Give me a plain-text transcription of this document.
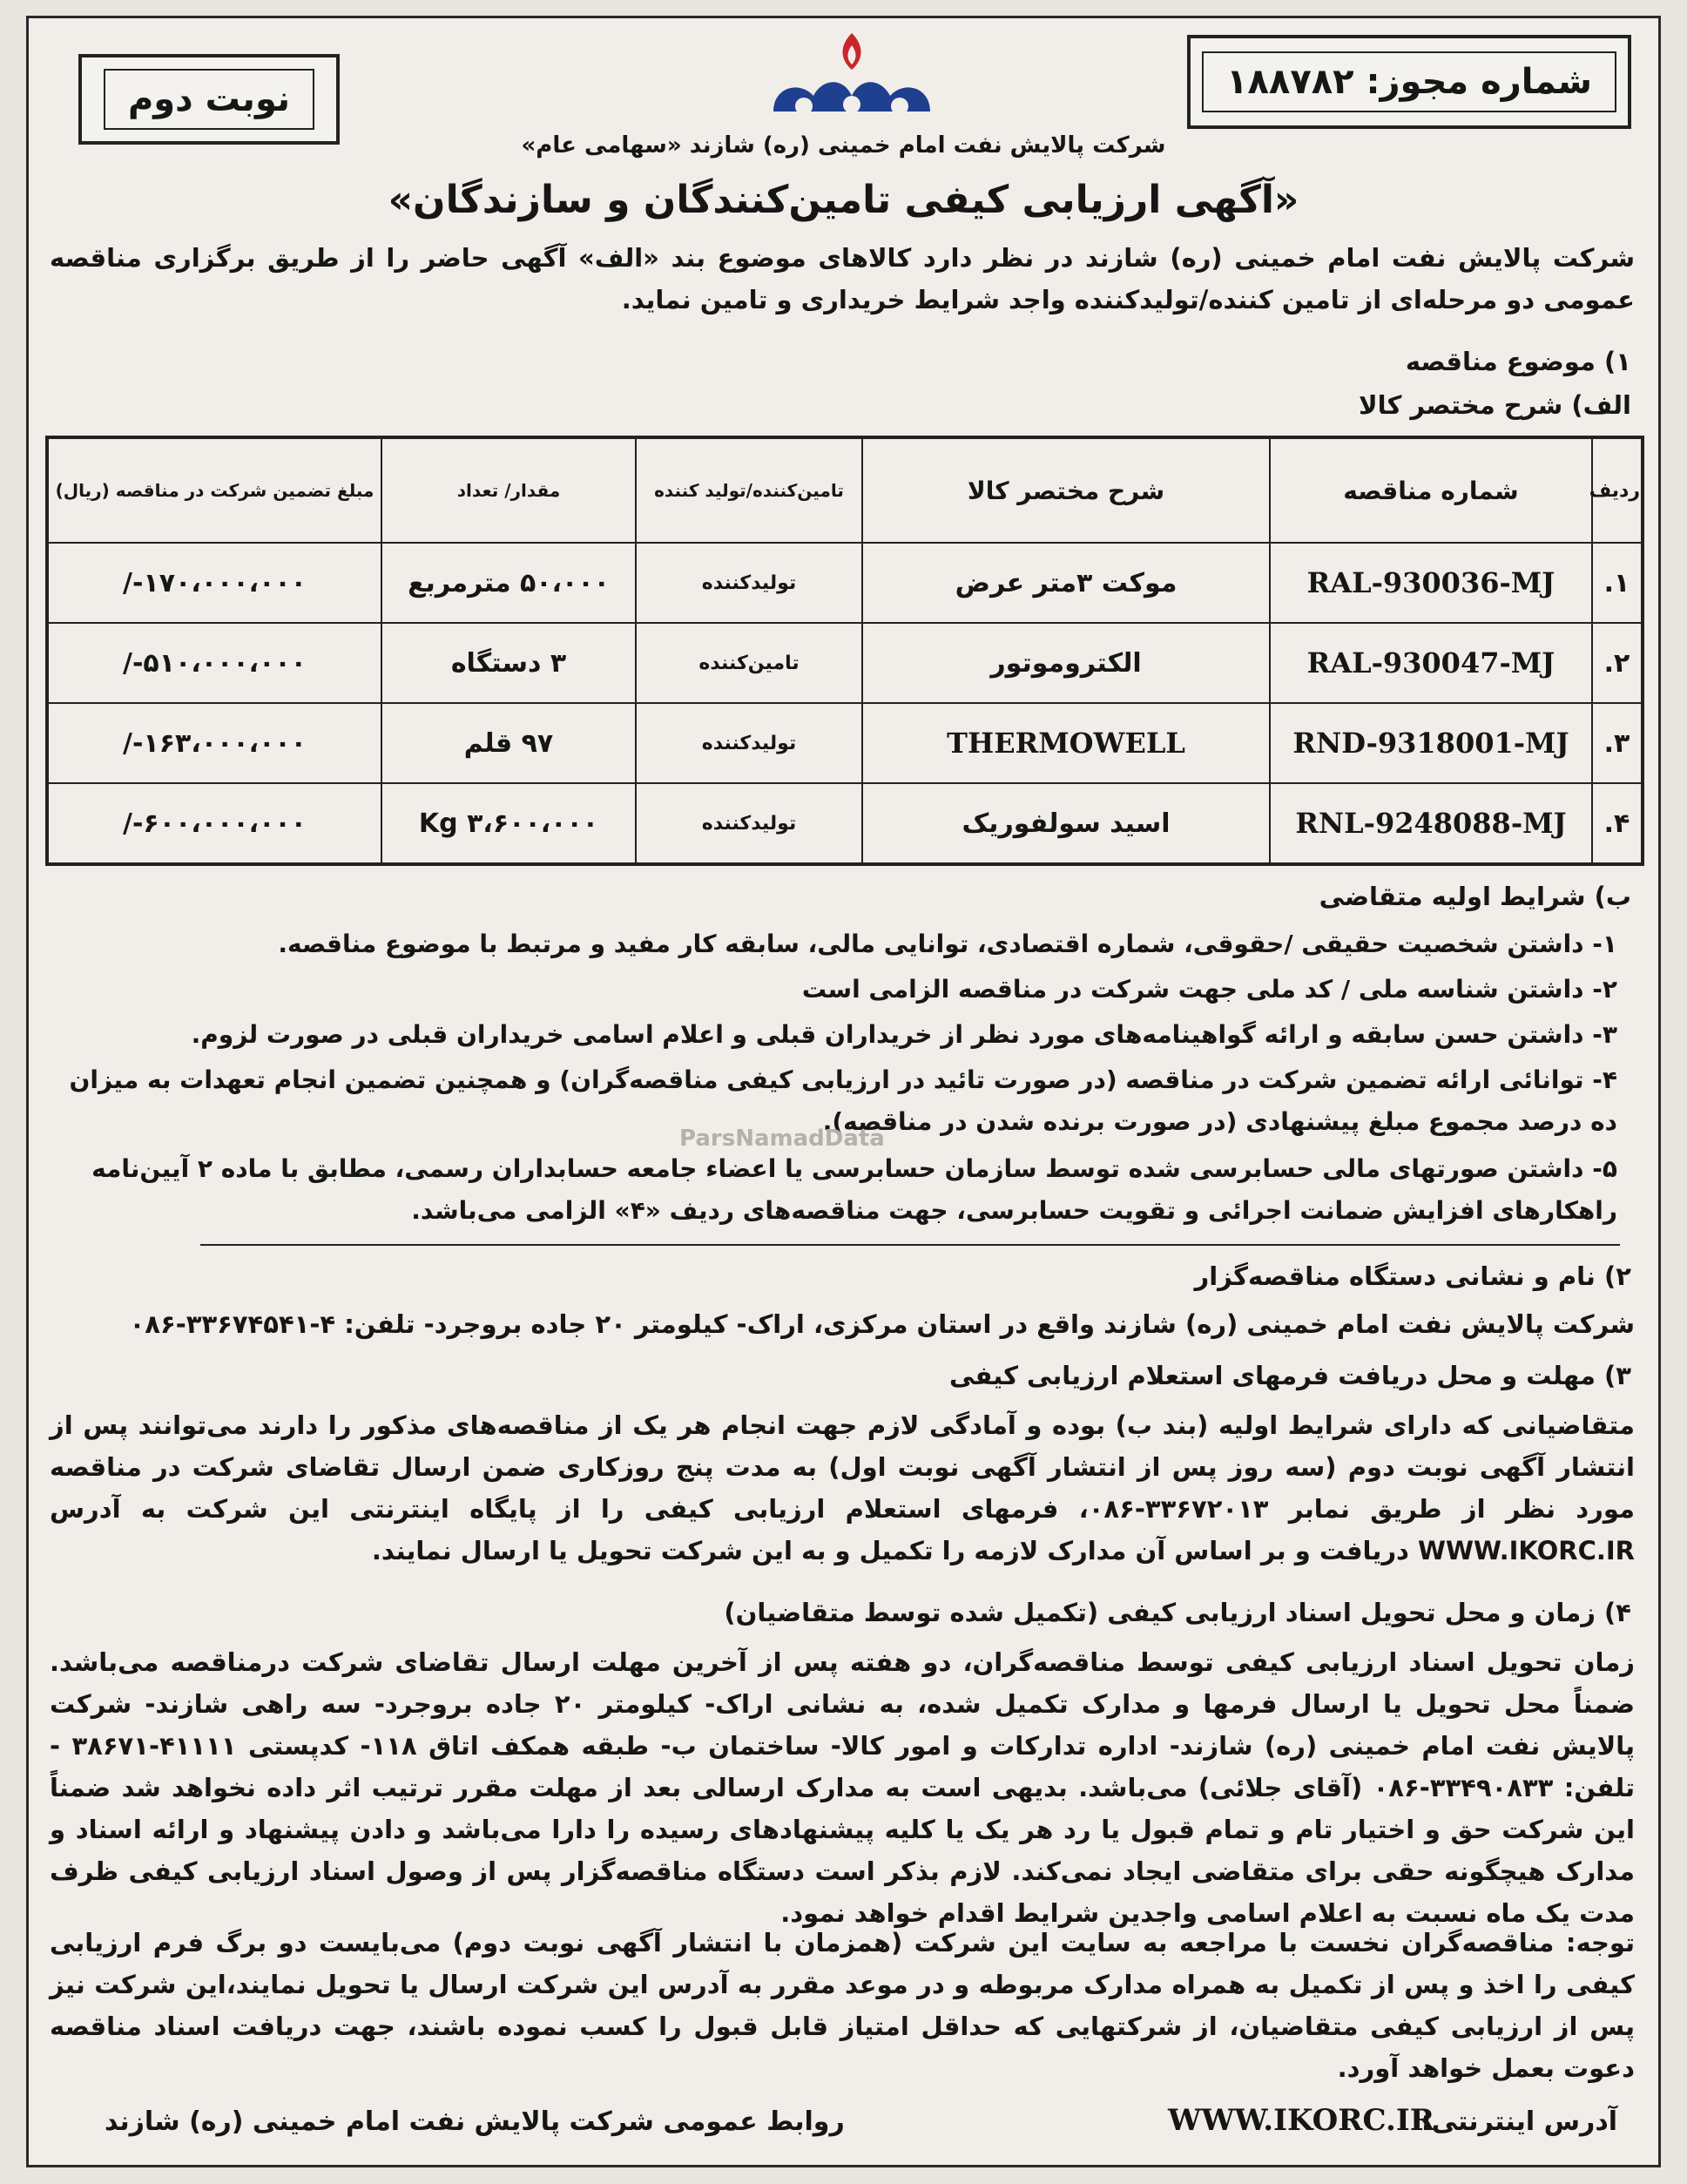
شماره مجوز: ۱۸۸۷۸۲
نوبت دوم
شرکت پالایش نفت امام خمینی (ره) شازند «سهامی عام»
«آگهی ارزیابی کیفی تامین‌کنندگان و سازندگان»
شرکت پالایش نفت امام خمینی (ره) شازند در نظر دارد کالاهای موضوع بند «الف» آگهی حاضر را از طریق برگزاری مناقصه عمومی دو مرحله‌ای از تامین کننده/تولیدکننده واجد شرایط خریداری و تامین نماید.
۱) موضوع مناقصه
الف) شرح مختصر کالا
ردیف	شماره مناقصه	شرح مختصر کالا	تامین‌کننده/تولید کننده	مقدار/ تعداد	مبلغ تضمین شرکت در مناقصه (ریال)
۱.	RAL-930036-MJ	موکت ۳متر عرض	تولیدکننده	۵۰،۰۰۰ مترمربع	۱۷۰،۰۰۰،۰۰۰-/
۲.	RAL-930047-MJ	الکتروموتور	تامین‌کننده	۳ دستگاه	۵۱۰،۰۰۰،۰۰۰-/
۳.	RND-9318001-MJ	THERMOWELL	تولیدکننده	۹۷ قلم	۱۶۳،۰۰۰،۰۰۰-/
۴.	RNL-9248088-MJ	اسید سولفوریک	تولیدکننده	۳،۶۰۰،۰۰۰ Kg	۶۰۰،۰۰۰،۰۰۰-/
ب) شرایط اولیه متقاضی
۱- داشتن شخصیت حقیقی /حقوقی، شماره اقتصادی، توانایی مالی، سابقه کار مفید و مرتبط با موضوع مناقصه.
۲- داشتن شناسه ملی / کد ملی جهت شرکت در مناقصه الزامی است
۳- داشتن حسن سابقه و ارائه گواهینامه‌های مورد نظر از خریداران قبلی و اعلام اسامی خریداران قبلی در صورت لزوم.
۴- توانائی ارائه تضمین شرکت در مناقصه (در صورت تائید در ارزیابی کیفی مناقصه‌گران) و همچنین تضمین انجام تعهدات به میزان ده درصد مجموع مبلغ پیشنهادی (در صورت برنده شدن در مناقصه).
۵- داشتن صورتهای مالی حسابرسی شده توسط سازمان حسابرسی یا اعضاء جامعه حسابداران رسمی، مطابق با ماده ۲ آیین‌نامه راهکارهای افزایش ضمانت اجرائی و تقویت حسابرسی، جهت مناقصه‌های ردیف «۴» الزامی می‌باشد.
ParsNamadData
۲) نام و نشانی دستگاه مناقصه‌گزار
شرکت پالایش نفت امام خمینی (ره) شازند واقع در استان مرکزی، اراک- کیلومتر ۲۰ جاده بروجرد- تلفن: ۴-۳۳۶۷۴۵۴۱-۰۸۶
۳) مهلت و محل دریافت فرمهای استعلام ارزیابی کیفی
متقاضیانی که دارای شرایط اولیه (بند ب) بوده و آمادگی لازم جهت انجام هر یک از مناقصه‌های مذکور را دارند می‌توانند پس از انتشار آگهی نوبت دوم (سه روز پس از انتشار آگهی نوبت اول) به مدت پنج روزکاری ضمن ارسال تقاضای شرکت در مناقصه مورد نظر از طریق نمابر ۳۳۶۷۲۰۱۳-۰۸۶، فرمهای استعلام ارزیابی کیفی را از پایگاه اینترنتی این شرکت به آدرس WWW.IKORC.IR دریافت و بر اساس آن مدارک لازمه را تکمیل و به این شرکت تحویل یا ارسال نمایند.
۴) زمان و محل تحویل اسناد ارزیابی کیفی (تکمیل شده توسط متقاضیان)
زمان تحویل اسناد ارزیابی کیفی توسط مناقصه‌گران، دو هفته پس از آخرین مهلت ارسال تقاضای شرکت درمناقصه می‌باشد. ضمناً محل تحویل یا ارسال فرمها و مدارک تکمیل شده، به نشانی اراک- کیلومتر ۲۰ جاده بروجرد- سه راهی شازند- شرکت پالایش نفت امام خمینی (ره) شازند- اداره تدارکات و امور کالا- ساختمان ب- طبقه همکف اتاق ۱۱۸- کدپستی ۴۱۱۱۱-۳۸۶۷۱ - تلفن: ۳۳۴۹۰۸۳۳-۰۸۶ (آقای جلائی) می‌باشد. بدیهی است به مدارک ارسالی بعد از مهلت مقرر ترتیب اثر داده نخواهد شد ضمناً این شرکت حق و اختیار تام و تمام قبول یا رد هر یک یا کلیه پیشنهادهای رسیده را دارا می‌باشد و دادن پیشنهاد و ارائه اسناد و مدارک هیچگونه حقی برای متقاضی ایجاد نمی‌کند. لازم بذکر است دستگاه مناقصه‌گزار پس از وصول اسناد ارزیابی کیفی ظرف مدت یک ماه نسبت به اعلام اسامی واجدین شرایط اقدام خواهد نمود.
توجه: مناقصه‌گران نخست با مراجعه به سایت این شرکت (همزمان با انتشار آگهی نوبت دوم) می‌بایست دو برگ فرم ارزیابی کیفی را اخذ و پس از تکمیل به همراه مدارک مربوطه و در موعد مقرر به آدرس این شرکت ارسال یا تحویل نمایند،این شرکت نیز پس از ارزیابی کیفی متقاضیان، از شرکتهایی که حداقل امتیاز قابل قبول را کسب نموده باشند، جهت دریافت اسناد مناقصه دعوت بعمل خواهد آورد.
آدرس اینترنتی:
WWW.IKORC.IR
روابط عمومی شرکت پالایش نفت امام خمینی (ره) شازند
